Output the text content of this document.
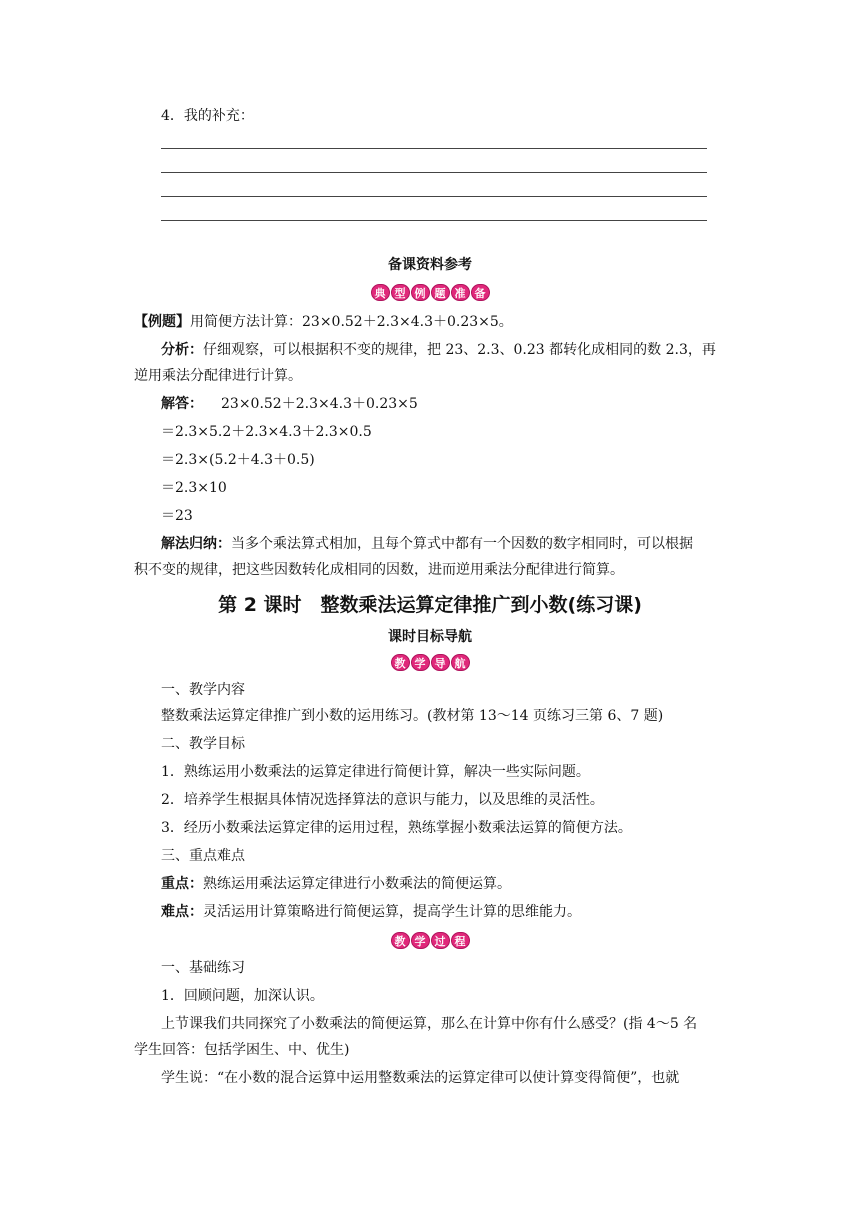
4．我的补充：
备课资料参考
典 型 例 题 准 备
【例题】用简便方法计算：23×0.52＋2.3×4.3＋0.23×5。
分析：仔细观察，可以根据积不变的规律，把 23、2.3、0.23 都转化成相同的数 2.3，再
逆用乘法分配律进行计算。
解答： 23×0.52＋2.3×4.3＋0.23×5
＝2.3×5.2＋2.3×4.3＋2.3×0.5
＝2.3×(5.2＋4.3＋0.5)
＝2.3×10
＝23
解法归纳：当多个乘法算式相加，且每个算式中都有一个因数的数字相同时，可以根据
积不变的规律，把这些因数转化成相同的因数，进而逆用乘法分配律进行简算。
第 2 课时　整数乘法运算定律推广到小数(练习课)
课时目标导航
教 学 导 航
一、教学内容
整数乘法运算定律推广到小数的运用练习。(教材第 13～14 页练习三第 6、7 题)
二、教学目标
1．熟练运用小数乘法的运算定律进行简便计算，解决一些实际问题。
2．培养学生根据具体情况选择算法的意识与能力，以及思维的灵活性。
3．经历小数乘法运算定律的运用过程，熟练掌握小数乘法运算的简便方法。
三、重点难点
重点：熟练运用乘法运算定律进行小数乘法的简便运算。
难点：灵活运用计算策略进行简便运算，提高学生计算的思维能力。
教 学 过 程
一、基础练习
1．回顾问题，加深认识。
上节课我们共同探究了小数乘法的简便运算，那么在计算中你有什么感受？(指 4～5 名
学生回答：包括学困生、中、优生)
学生说：“在小数的混合运算中运用整数乘法的运算定律可以使计算变得简便”，也就
